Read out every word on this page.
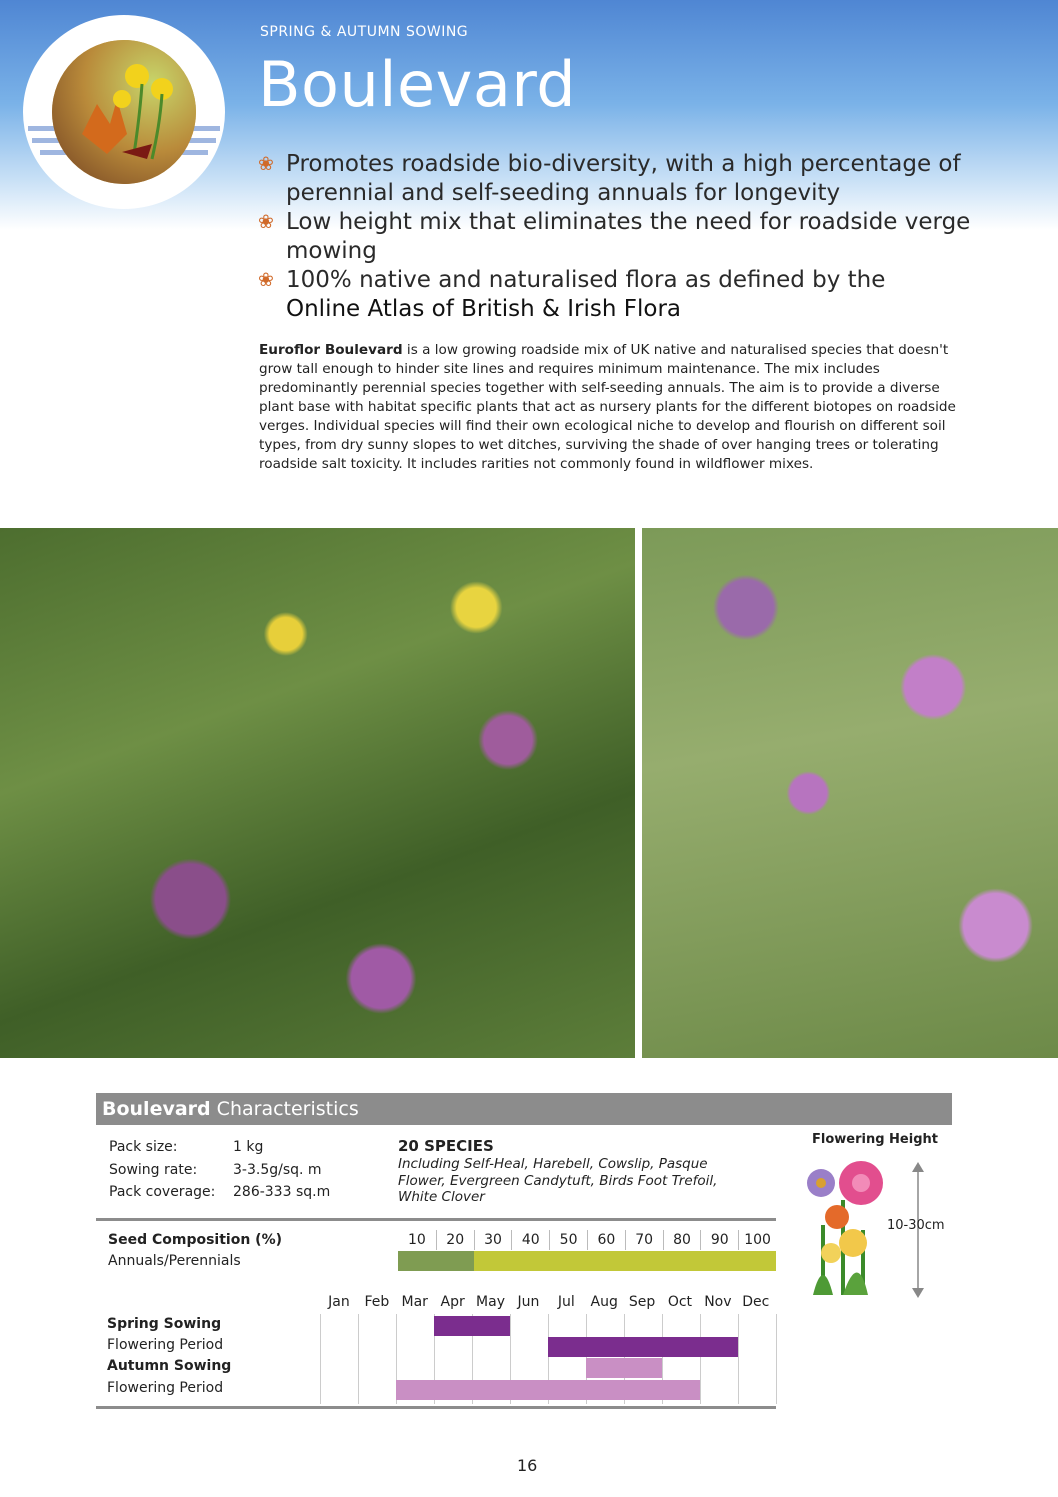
SPRING & AUTUMN SOWING
Boulevard
❀ Promotes roadside bio-diversity, with a high percentage of perennial and self-seeding annuals for longevity
❀ Low height mix that eliminates the need for roadside verge mowing
❀ 100% native and naturalised flora as defined by the
Online Atlas of British & Irish Flora

Euroflor Boulevard is a low growing roadside mix of UK native and naturalised species that doesn't grow tall enough to hinder site lines and requires minimum maintenance. The mix includes predominantly perennial species together with self-seeding annuals. The aim is to provide a diverse plant base with habitat specific plants that act as nursery plants for the different biotopes on roadside verges. Individual species will find their own ecological niche to develop and flourish on different soil types, from dry sunny slopes to wet ditches, surviving the shade of over hanging trees or tolerating roadside salt toxicity. It includes rarities not commonly found in wildflower mixes.

Boulevard Characteristics
Pack size:	1 kg
Sowing rate:	3-3.5g/sq. m
Pack coverage:	286-333 sq.m
20 SPECIES
Including Self-Heal, Harebell, Cowslip, Pasque Flower, Evergreen Candytuft, Birds Foot Trefoil, White Clover
Flowering Height
10-30cm
Seed Composition (%)
Annuals/Perennials
10	20	30	40	50	60	70	80	90	100
Jan	Feb Mar Apr May Jun	Jul	Aug Sep Oct Nov Dec
Spring Sowing
Flowering Period
Autumn Sowing
Flowering Period
16
